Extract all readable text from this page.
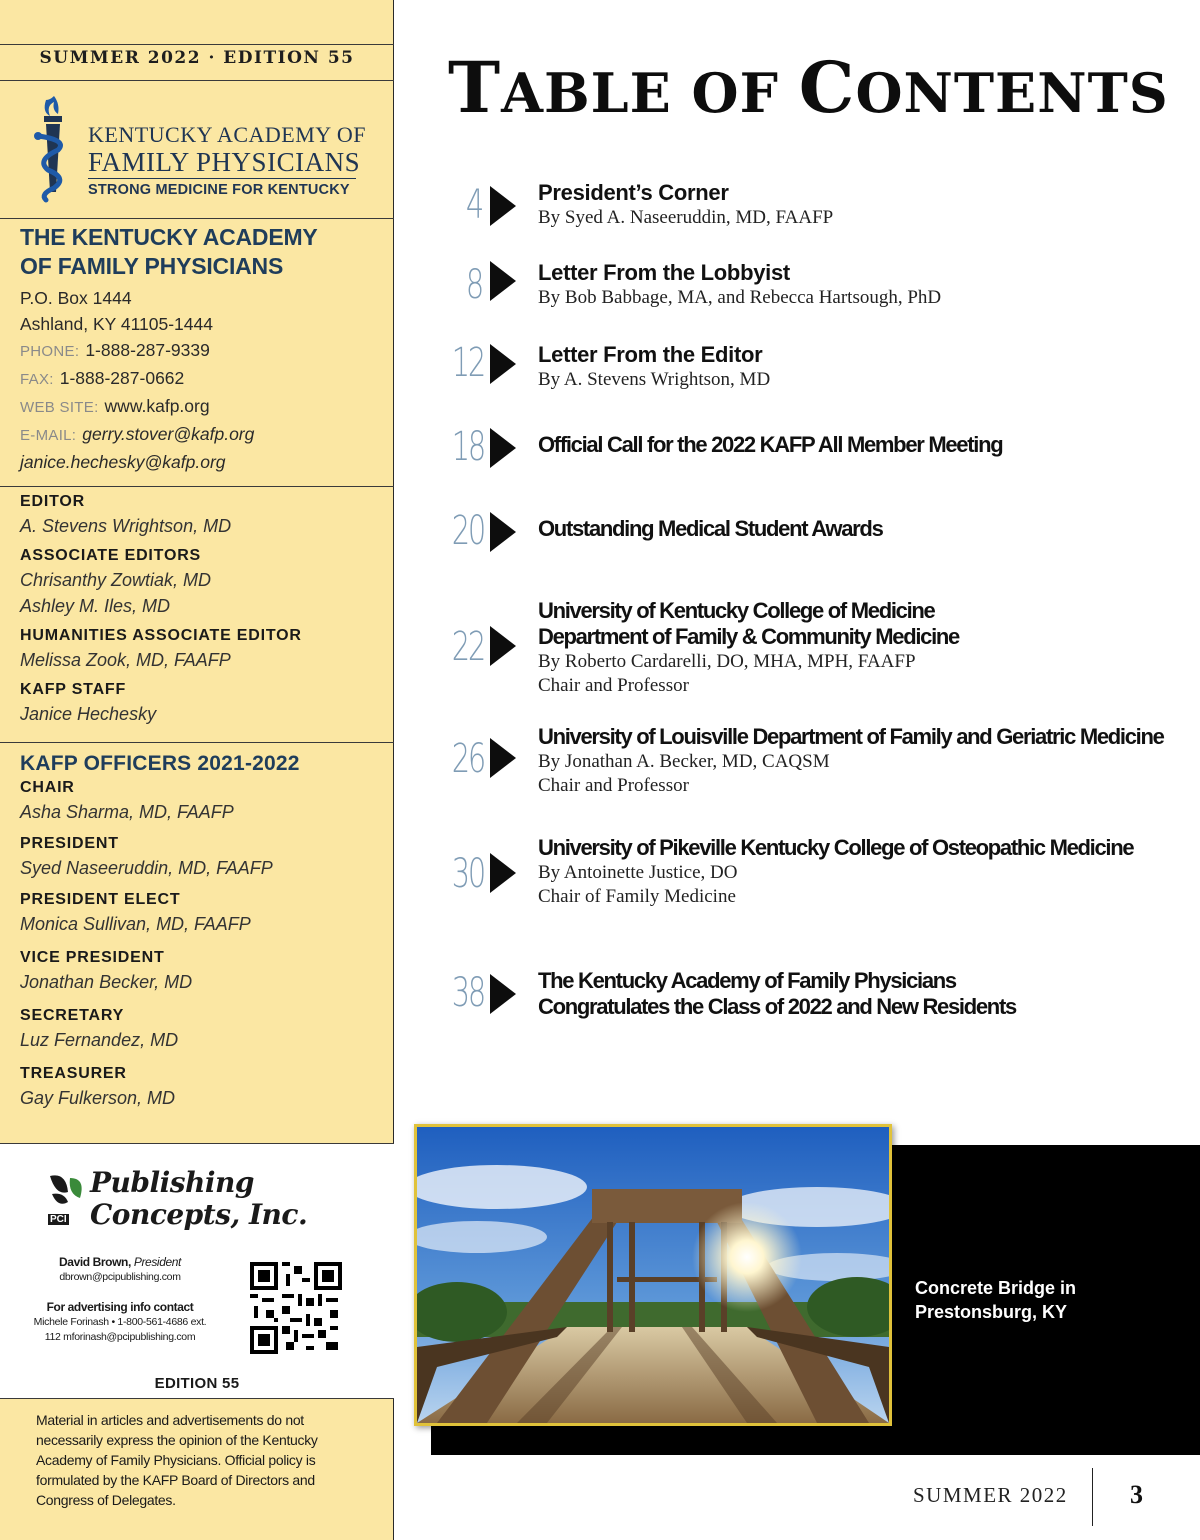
SUMMER 2022 · EDITION 55
KENTUCKY ACADEMY OF
FAMILY PHYSICIANS
STRONG MEDICINE FOR KENTUCKY
THE KENTUCKY ACADEMY
OF FAMILY PHYSICIANS
P.O. Box 1444
Ashland, KY 41105-1444
PHONE: 1-888-287-9339
FAX: 1-888-287-0662
WEB SITE: www.kafp.org
E-MAIL: gerry.stover@kafp.org
janice.hechesky@kafp.org
EDITOR
A. Stevens Wrightson, MD
ASSOCIATE EDITORS
Chrisanthy Zowtiak, MD
Ashley M. Iles, MD
HUMANITIES ASSOCIATE EDITOR
Melissa Zook, MD, FAAFP
KAFP STAFF
Janice Hechesky
KAFP OFFICERS 2021-2022
CHAIR
Asha Sharma, MD, FAAFP
PRESIDENT
Syed Naseeruddin, MD, FAAFP
PRESIDENT ELECT
Monica Sullivan, MD, FAAFP
VICE PRESIDENT
Jonathan Becker, MD
SECRETARY
Luz Fernandez, MD
TREASURER
Gay Fulkerson, MD
PCI
Publishing
Concepts, Inc.
David Brown, President
dbrown@pcipublishing.com
For advertising info contact
Michele Forinash • 1-800-561-4686 ext.
112 mforinash@pcipublishing.com
EDITION 55
Material in articles and advertisements do not necessarily express the opinion of the Kentucky Academy of Family Physicians. Official policy is formulated by the KAFP Board of Directors and Congress of Delegates.
TABLE OF CONTENTS
4	President’s Corner
By Syed A. Naseeruddin, MD, FAAFP
8	Letter From the Lobbyist
By Bob Babbage, MA, and Rebecca Hartsough, PhD
12 Letter From the Editor
By A. Stevens Wrightson, MD
18 Official Call for the 2022 KAFP All Member Meeting
20 Outstanding Medical Student Awards
22
University of Kentucky College of Medicine
Department of Family & Community Medicine
By Roberto Cardarelli, DO, MHA, MPH, FAAFP
Chair and Professor
26 University of Louisville Department of Family and Geriatric Medicine
By Jonathan A. Becker, MD, CAQSM
Chair and Professor
30
University of Pikeville Kentucky College of Osteopathic Medicine
By Antoinette Justice, DO
Chair of Family Medicine
38 The Kentucky Academy of Family Physicians
Congratulates the Class of 2022 and New Residents
Concrete Bridge in Prestonsburg, KY
SUMMER 2022 3
